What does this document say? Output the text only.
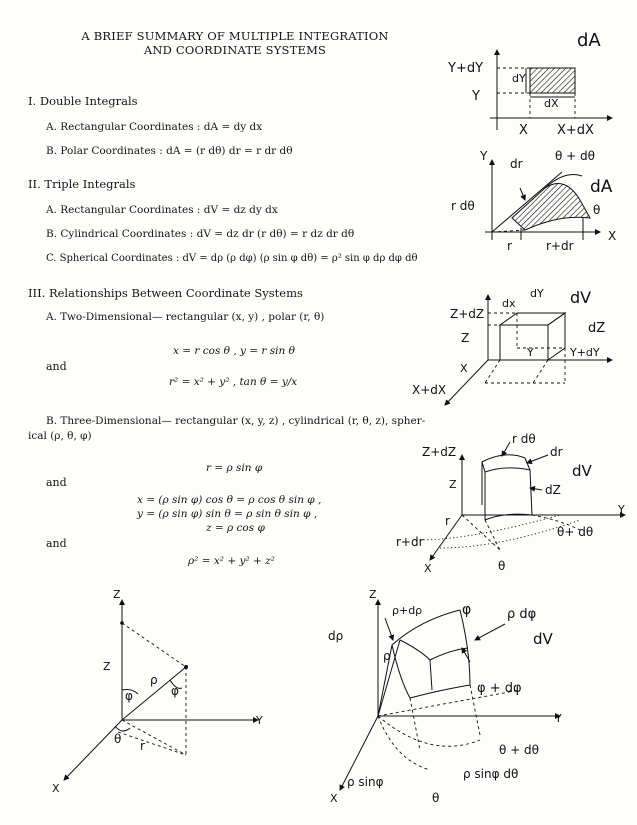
A BRIEF SUMMARY OF MULTIPLE INTEGRATION
AND COORDINATE SYSTEMS
I. Double Integrals
A. Rectangular Coordinates : dA = dy dx
B. Polar Coordinates : dA = (r dθ) dr = r dr dθ
II. Triple Integrals
A. Rectangular Coordinates : dV = dz dy dx
B. Cylindrical Coordinates : dV = dz dr (r dθ) = r dz dr dθ
C. Spherical Coordinates : dV = dρ (ρ dφ) (ρ sin φ dθ) = ρ² sin φ dρ dφ dθ
III. Relationships Between Coordinate Systems
A. Two-Dimensional— rectangular (x, y) , polar (r, θ)
x = r cos θ , y = r sin θ
and
r² = x² + y² , tan θ = y/x
B. Three-Dimensional— rectangular (x, y, z) , cylindrical (r, θ, z), spher-
ical (ρ, θ, φ)
r = ρ sin φ
and
x = (ρ sin φ) cos θ = ρ cos θ sin φ ,
y = (ρ sin φ) sin θ = ρ sin θ sin φ ,
z = ρ cos φ
and
ρ² = x² + y² + z²
dA
Y+dY
Y
dY
dX
X X+dX
Y
X
dr
θ + dθ
dA
r dθ	θ
r	r+dr
dx
dY dV
Z+dZ
Z
dZ
Y	Y+dY
X
X+dX
r dθ
Z+dZ	dr
dV
Z	dZ
Y
r
r+dr
θ+ dθ
X	θ
Z
Z
φ
ρ
φ
Y
θ r
X
Z
ρ+dρ	φ	ρ dφ
dρ
ρ
dV
φ + dφ
Y
θ + dθ
ρ sinφ dθ
ρ sinφ
X	θ
